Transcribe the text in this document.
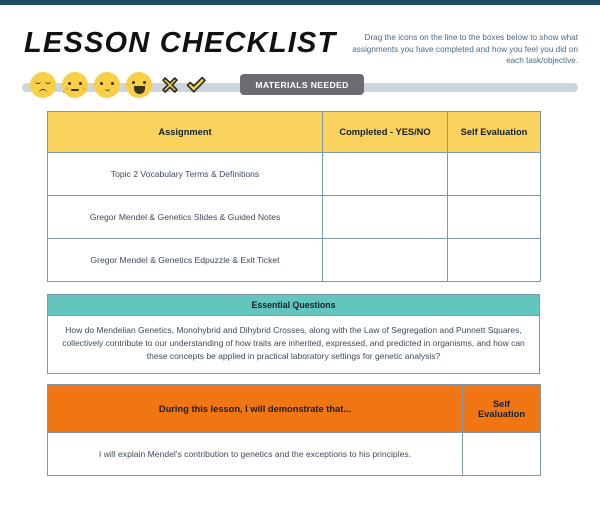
LESSON CHECKLIST	Drag the icons on the line to the boxes below to show what assignments you have completed and how you feel you did on each task/objective.
MATERIALS NEEDED
Assignment	Completed - YES/NO	Self Evaluation
Topic 2 Vocabulary Terms & Definitions		
Gregor Mendel & Genetics Slides & Guided Notes		
Gregor Mendel & Genetics Edpuzzle & Exit Ticket		
Essential Questions
How do Mendelian Genetics, Monohybrid and Dihybrid Crosses, along with the Law of Segregation and Punnett Squares, collectively contribute to our understanding of how traits are inherited, expressed, and predicted in organisms, and how can these concepts be applied in practical laboratory settings for genetic analysis?
During this lesson, I will demonstrate that...	Self Evaluation
I will explain Mendel's contribution to genetics and the exceptions to his principles.	
